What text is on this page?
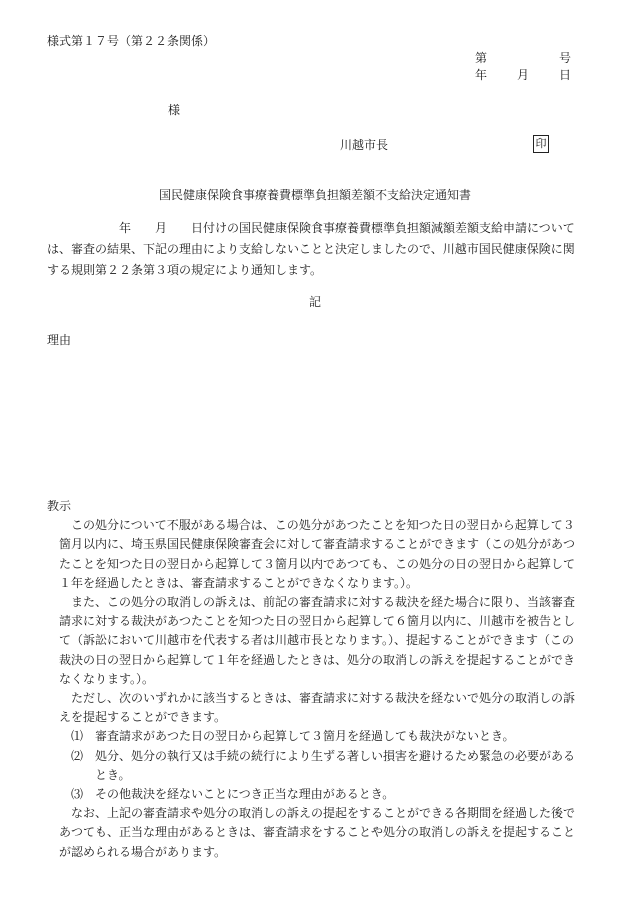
様式第１７号（第２２条関係）
第	号
年 月 日
様
川越市長	印
国民健康保険食事療養費標準負担額差額不支給決定通知書

年　　月　　日付けの国民健康保険食事療養費標準負担額減額差額支給申請については、審査の結果、下記の理由により支給しないことと決定しましたので、川越市国民健康保険に関する規則第２２条第３項の規定により通知します。

記
理由

教示

この処分について不服がある場合は、この処分があつたことを知つた日の翌日から起算して３箇月以内に、埼玉県国民健康保険審査会に対して審査請求することができます（この処分があつたことを知つた日の翌日から起算して３箇月以内であつても、この処分の日の翌日から起算して１年を経過したときは、審査請求することができなくなります。）。

また、この処分の取消しの訴えは、前記の審査請求に対する裁決を経た場合に限り、当該審査請求に対する裁決があつたことを知つた日の翌日から起算して６箇月以内に、川越市を被告として（訴訟において川越市を代表する者は川越市長となります。）、提起することができます（この裁決の日の翌日から起算して１年を経過したときは、処分の取消しの訴えを提起することができなくなります。）。

ただし、次のいずれかに該当するときは、審査請求に対する裁決を経ないで処分の取消しの訴えを提起することができます。

⑴ 審査請求があつた日の翌日から起算して３箇月を経過しても裁決がないとき。

⑵ 処分、処分の執行又は手続の続行により生ずる著しい損害を避けるため緊急の必要があるとき。

⑶ その他裁決を経ないことにつき正当な理由があるとき。

なお、上記の審査請求や処分の取消しの訴えの提起をすることができる各期間を経過した後であつても、正当な理由があるときは、審査請求をすることや処分の取消しの訴えを提起することが認められる場合があります。
